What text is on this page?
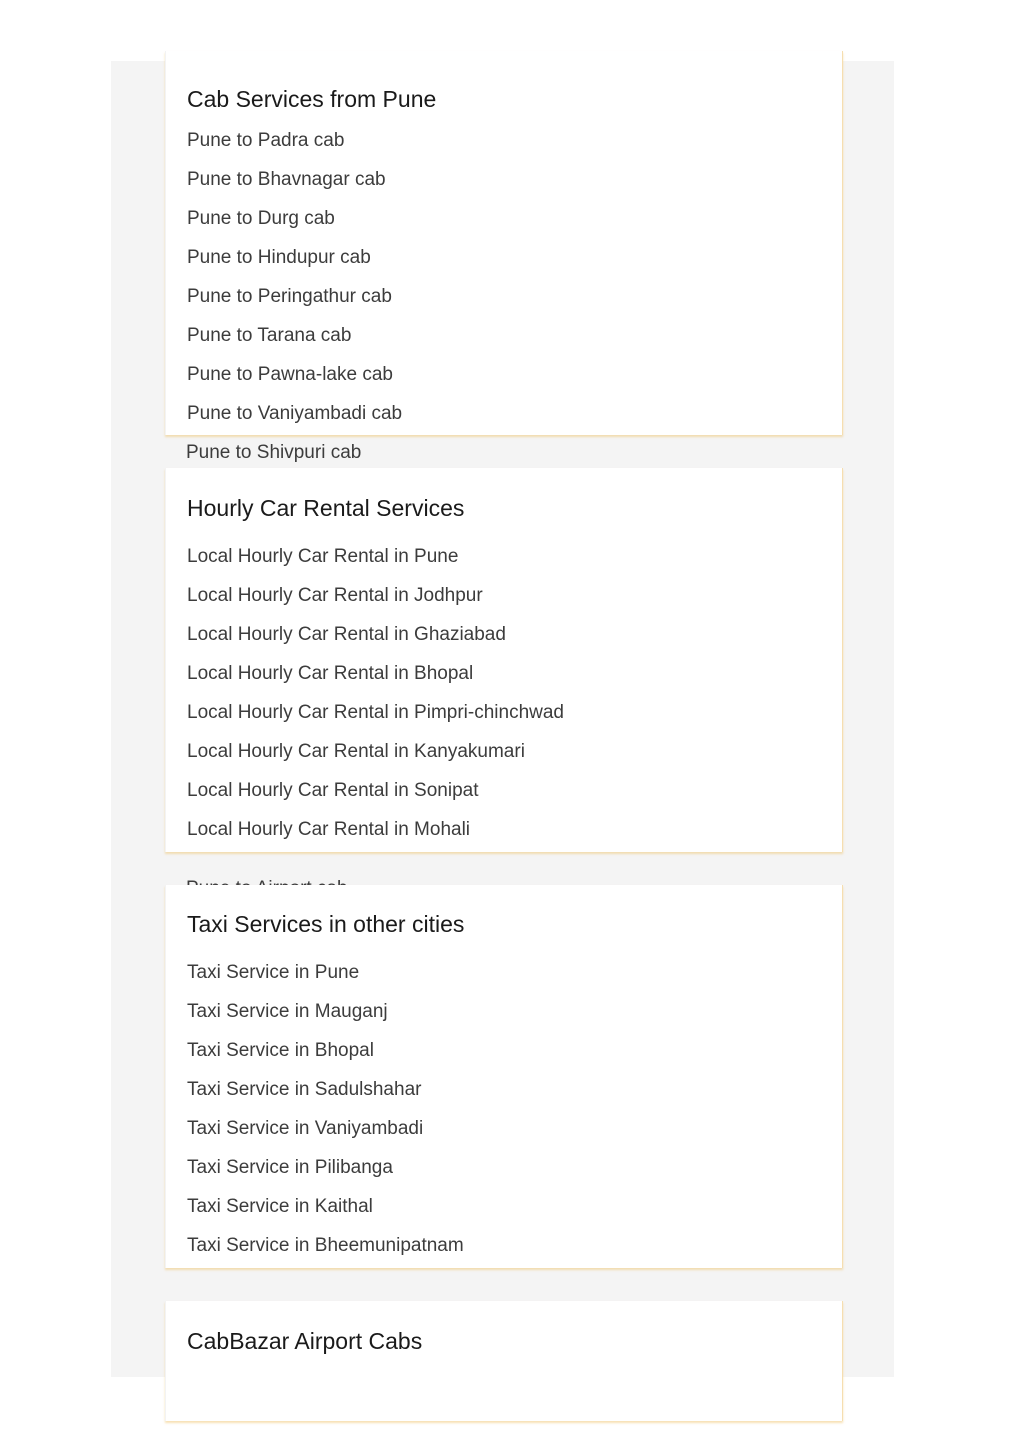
Cab Services from Pune
Pune to Padra cab
Pune to Bhavnagar cab
Pune to Durg cab
Pune to Hindupur cab
Pune to Peringathur cab
Pune to Tarana cab
Pune to Pawna-lake cab
Pune to Vaniyambadi cab
Pune to Shivpuri cab
Hourly Car Rental Services
Local Hourly Car Rental in Pune
Local Hourly Car Rental in Jodhpur
Local Hourly Car Rental in Ghaziabad
Local Hourly Car Rental in Bhopal
Local Hourly Car Rental in Pimpri-chinchwad
Local Hourly Car Rental in Kanyakumari
Local Hourly Car Rental in Sonipat
Local Hourly Car Rental in Mohali
Taxi Services in other cities
Taxi Service in Pune
Taxi Service in Mauganj
Taxi Service in Bhopal
Taxi Service in Sadulshahar
Taxi Service in Vaniyambadi
Taxi Service in Pilibanga
Taxi Service in Kaithal
Taxi Service in Bheemunipatnam
CabBazar Airport Cabs
